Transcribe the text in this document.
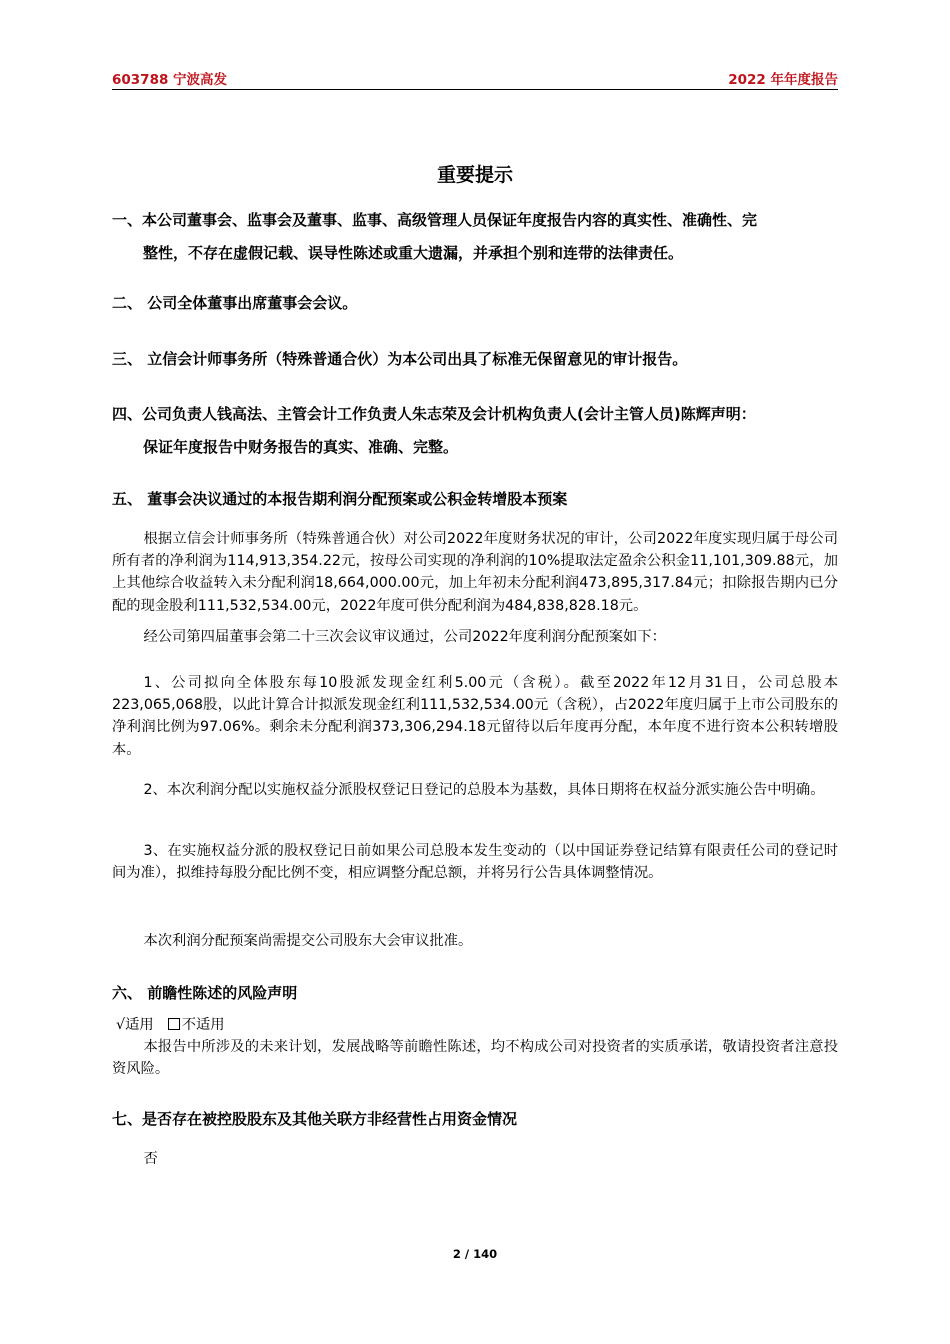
603788 宁波高发	2022 年年度报告
重要提示
一、本公司董事会、监事会及董事、监事、高级管理人员保证年度报告内容的真实性、准确性、完
整性，不存在虚假记载、误导性陈述或重大遗漏，并承担个别和连带的法律责任。
二、 公司全体董事出席董事会会议。
三、 立信会计师事务所（特殊普通合伙）为本公司出具了标准无保留意见的审计报告。
四、公司负责人钱高法、主管会计工作负责人朱志荣及会计机构负责人(会计主管人员)陈辉声明：
保证年度报告中财务报告的真实、准确、完整。
五、 董事会决议通过的本报告期利润分配预案或公积金转增股本预案
根据立信会计师事务所（特殊普通合伙）对公司2022年度财务状况的审计，公司2022年度实现归属于母公司所有者的净利润为114,913,354.22元，按母公司实现的净利润的10%提取法定盈余公积金11,101,309.88元，加上其他综合收益转入未分配利润18,664,000.00元，加上年初未分配利润473,895,317.84元；扣除报告期内已分配的现金股利111,532,534.00元，2022年度可供分配利润为484,838,828.18元。
经公司第四届董事会第二十三次会议审议通过，公司2022年度利润分配预案如下：
1、公司拟向全体股东每10股派发现金红利5.00元（含税）。截至2022年12月31日，公司总股本223,065,068股，以此计算合计拟派发现金红利111,532,534.00元（含税），占2022年度归属于上市公司股东的净利润比例为97.06%。剩余未分配利润373,306,294.18元留待以后年度再分配，本年度不进行资本公积转增股本。
2、本次利润分配以实施权益分派股权登记日登记的总股本为基数，具体日期将在权益分派实施公告中明确。
3、在实施权益分派的股权登记日前如果公司总股本发生变动的（以中国证券登记结算有限责任公司的登记时间为准），拟维持每股分配比例不变，相应调整分配总额，并将另行公告具体调整情况。
本次利润分配预案尚需提交公司股东大会审议批准。
六、 前瞻性陈述的风险声明
√适用 不适用
本报告中所涉及的未来计划，发展战略等前瞻性陈述，均不构成公司对投资者的实质承诺，敬请投资者注意投资风险。
七、是否存在被控股股东及其他关联方非经营性占用资金情况
否
2 / 140
